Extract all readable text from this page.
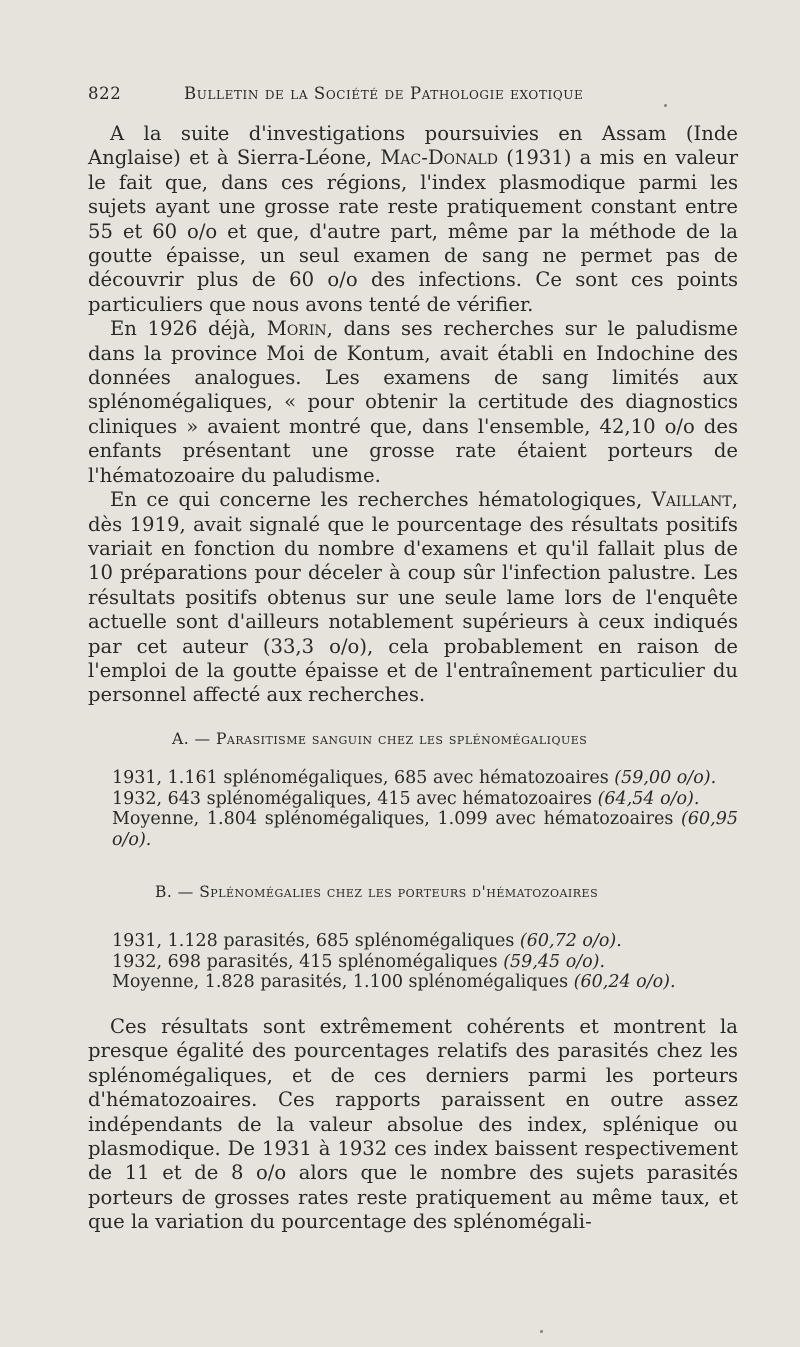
822	Bulletin de la Société de Pathologie exotique

A la suite d'investigations poursuivies en Assam (Inde Anglaise) et à Sierra-Léone, Mac-Donald (1931) a mis en valeur le fait que, dans ces régions, l'index plasmodique parmi les sujets ayant une grosse rate reste pratiquement constant entre 55 et 60 o/o et que, d'autre part, même par la méthode de la goutte épaisse, un seul examen de sang ne permet pas de découvrir plus de 60 o/o des infections. Ce sont ces points particuliers que nous avons tenté de vérifier.

En 1926 déjà, Morin, dans ses recherches sur le paludisme dans la province Moi de Kontum, avait établi en Indochine des données analogues. Les examens de sang limités aux splénomégaliques, « pour obtenir la certitude des diagnostics cliniques » avaient montré que, dans l'ensemble, 42,10 o/o des enfants présentant une grosse rate étaient porteurs de l'hématozoaire du paludisme.

En ce qui concerne les recherches hématologiques, Vaillant, dès 1919, avait signalé que le pourcentage des résultats positifs variait en fonction du nombre d'examens et qu'il fallait plus de 10 préparations pour déceler à coup sûr l'infection palustre. Les résultats positifs obtenus sur une seule lame lors de l'enquête actuelle sont d'ailleurs notablement supérieurs à ceux indiqués par cet auteur (33,3 o/o), cela probablement en raison de l'emploi de la goutte épaisse et de l'entraînement particulier du personnel affecté aux recherches.

A. — Parasitisme sanguin chez les splénomégaliques
1931, 1.161 splénomégaliques, 685 avec hématozoaires (59,00 o/o).
1932, 643 splénomégaliques, 415 avec hématozoaires (64,54 o/o).
Moyenne, 1.804 splénomégaliques, 1.099 avec hématozoaires (60,95 o/o).
B. — Splénomégalies chez les porteurs d'hématozoaires
1931, 1.128 parasités, 685 splénomégaliques (60,72 o/o).
1932, 698 parasités, 415 splénomégaliques (59,45 o/o).
Moyenne, 1.828 parasités, 1.100 splénomégaliques (60,24 o/o).

Ces résultats sont extrêmement cohérents et montrent la presque égalité des pourcentages relatifs des parasités chez les splénomégaliques, et de ces derniers parmi les porteurs d'hématozoaires. Ces rapports paraissent en outre assez indépendants de la valeur absolue des index, splénique ou plasmodique. De 1931 à 1932 ces index baissent respectivement de 11 et de 8 o/o alors que le nombre des sujets parasités porteurs de grosses rates reste pratiquement au même taux, et que la variation du pourcentage des splénomégali-
